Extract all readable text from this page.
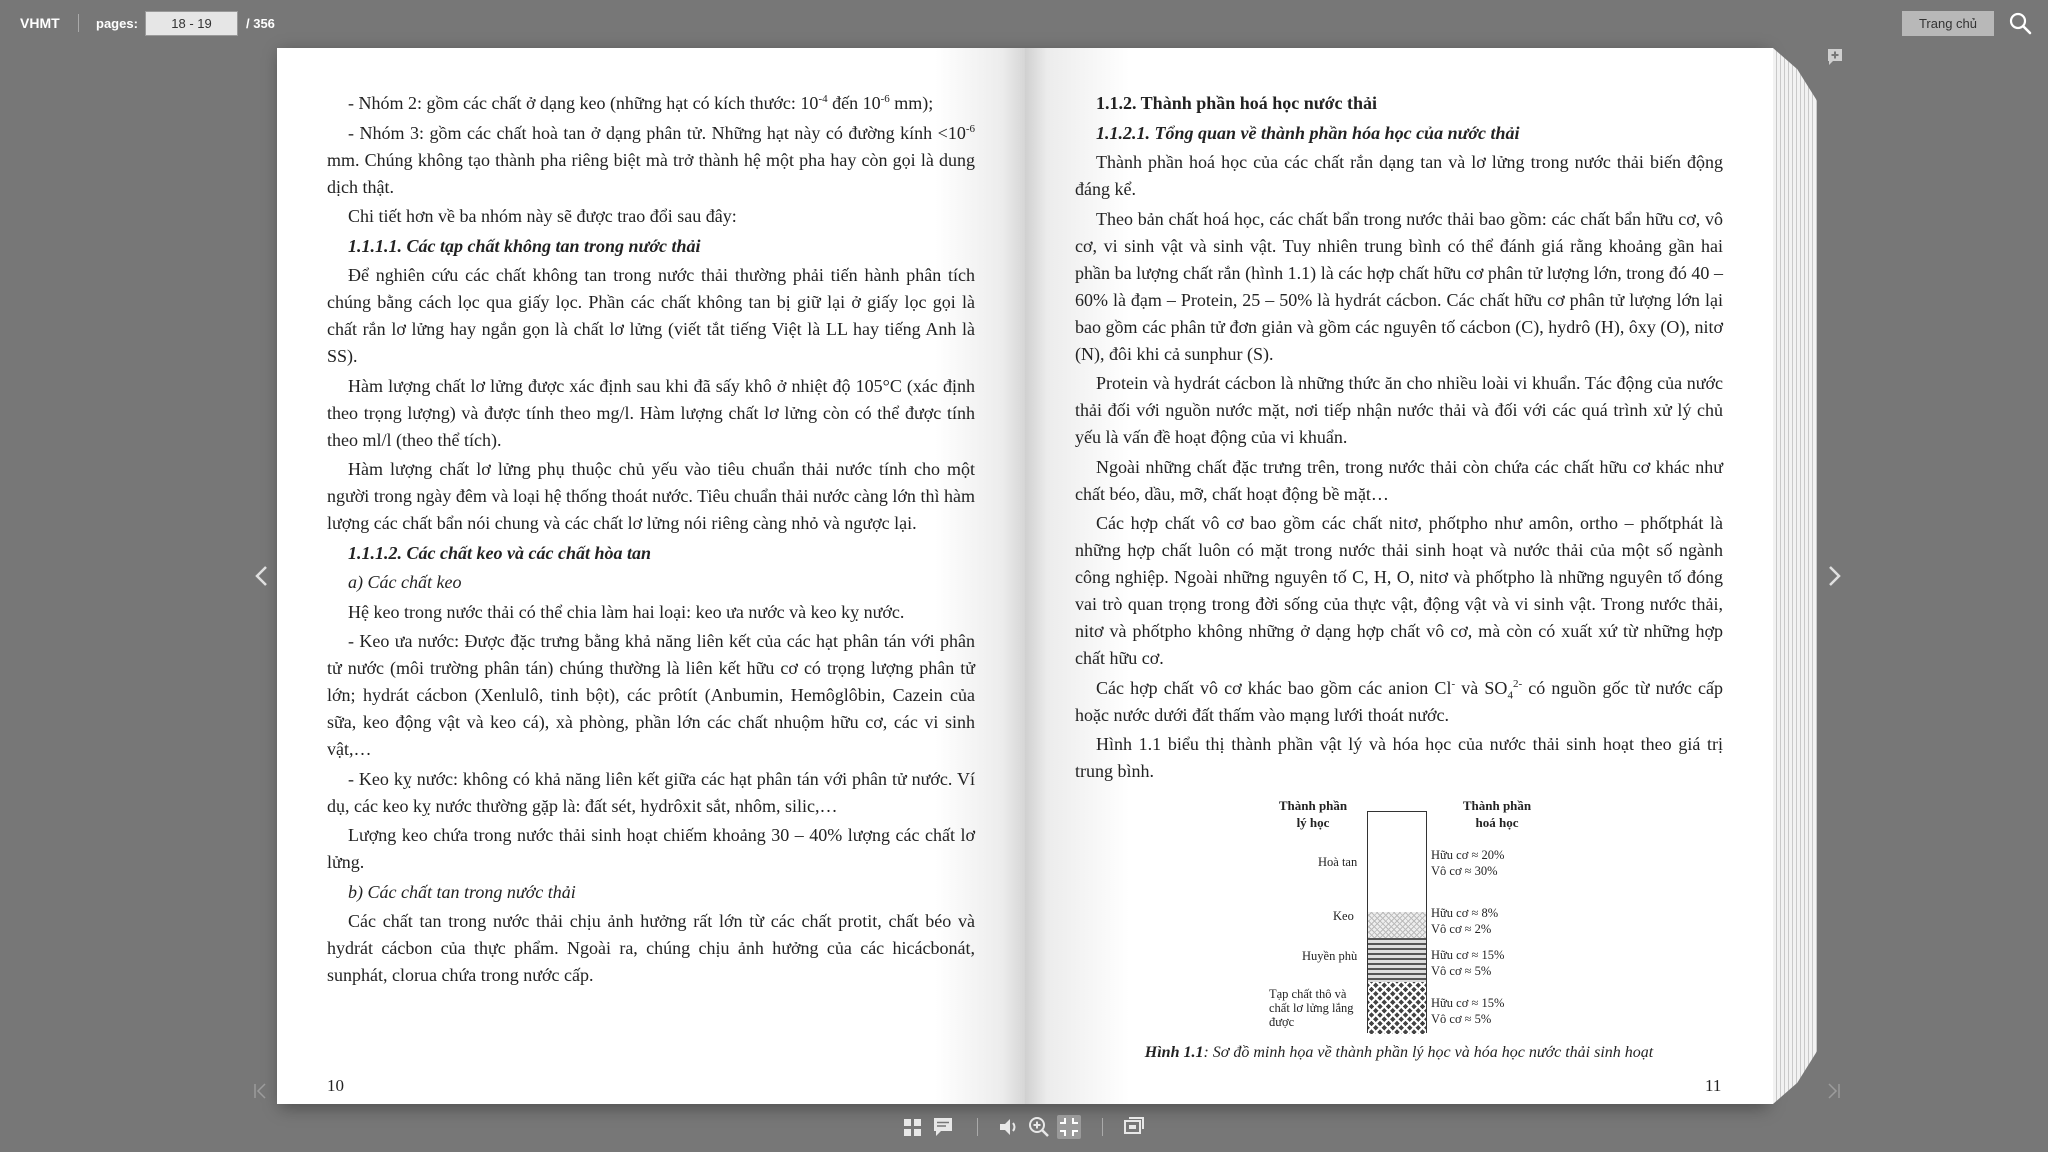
VHMT	pages:
18 - 19	/ 356	Trang chủ

- Nhóm 2: gồm các chất ở dạng keo (những hạt có kích thước: $10^{-4}$ đến $10^{-6}$ mm);

- Nhóm 3: gồm các chất hoà tan ở dạng phân tử. Những hạt này có đường kính $<10^{-6}$ mm. Chúng không tạo thành pha riêng biệt mà trở thành hệ một pha hay còn gọi là dung dịch thật.

Chi tiết hơn về ba nhóm này sẽ được trao đổi sau đây:

1.1.1.1. Các tạp chất không tan trong nước thải

Để nghiên cứu các chất không tan trong nước thải thường phải tiến hành phân tích chúng bằng cách lọc qua giấy lọc. Phần các chất không tan bị giữ lại ở giấy lọc gọi là chất rắn lơ lửng hay ngắn gọn là chất lơ lửng (viết tắt tiếng Việt là LL hay tiếng Anh là SS).

Hàm lượng chất lơ lửng được xác định sau khi đã sấy khô ở nhiệt độ 105°C (xác định theo trọng lượng) và được tính theo mg/l. Hàm lượng chất lơ lửng còn có thể được tính theo ml/l (theo thể tích).

Hàm lượng chất lơ lửng phụ thuộc chủ yếu vào tiêu chuẩn thải nước tính cho một người trong ngày đêm và loại hệ thống thoát nước. Tiêu chuẩn thải nước càng lớn thì hàm lượng các chất bẩn nói chung và các chất lơ lửng nói riêng càng nhỏ và ngược lại.

1.1.1.2. Các chất keo và các chất hòa tan

a) Các chất keo

Hệ keo trong nước thải có thể chia làm hai loại: keo ưa nước và keo kỵ nước.

- Keo ưa nước: Được đặc trưng bằng khả năng liên kết của các hạt phân tán với phân tử nước (môi trường phân tán) chúng thường là liên kết hữu cơ có trọng lượng phân tử lớn; hydrát cácbon (Xenlulô, tinh bột), các prôtít (Anbumin, Hemôglôbin, Cazein của sữa, keo động vật và keo cá), xà phòng, phần lớn các chất nhuộm hữu cơ, các vi sinh vật,…

- Keo kỵ nước: không có khả năng liên kết giữa các hạt phân tán với phân tử nước. Ví dụ, các keo kỵ nước thường gặp là: đất sét, hydrôxit sắt, nhôm, silic,…

Lượng keo chứa trong nước thải sinh hoạt chiếm khoảng 30 – 40% lượng các chất lơ lửng.

b) Các chất tan trong nước thải

Các chất tan trong nước thải chịu ảnh hưởng rất lớn từ các chất protit, chất béo và hydrát cácbon của thực phẩm. Ngoài ra, chúng chịu ảnh hưởng của các hicácbonát, sunphát, clorua chứa trong nước cấp.

10

1.1.2. Thành phần hoá học nước thải

1.1.2.1. Tổng quan về thành phần hóa học của nước thải

Thành phần hoá học của các chất rắn dạng tan và lơ lửng trong nước thải biến động đáng kể.

Theo bản chất hoá học, các chất bẩn trong nước thải bao gồm: các chất bẩn hữu cơ, vô cơ, vi sinh vật và sinh vật. Tuy nhiên trung bình có thể đánh giá rằng khoảng gần hai phần ba lượng chất rắn (hình 1.1) là các hợp chất hữu cơ phân tử lượng lớn, trong đó 40 – 60% là đạm – Protein, 25 – 50% là hydrát cácbon. Các chất hữu cơ phân tử lượng lớn lại bao gồm các phân tử đơn giản và gồm các nguyên tố cácbon (C), hydrô (H), ôxy (O), nitơ (N), đôi khi cả sunphur (S).

Protein và hydrát cácbon là những thức ăn cho nhiều loài vi khuẩn. Tác động của nước thải đối với nguồn nước mặt, nơi tiếp nhận nước thải và đối với các quá trình xử lý chủ yếu là vấn đề hoạt động của vi khuẩn.

Ngoài những chất đặc trưng trên, trong nước thải còn chứa các chất hữu cơ khác như chất béo, dầu, mỡ, chất hoạt động bề mặt…

Các hợp chất vô cơ bao gồm các chất nitơ, phốtpho như amôn, ortho – phốtphát là những hợp chất luôn có mặt trong nước thải sinh hoạt và nước thải của một số ngành công nghiệp. Ngoài những nguyên tố C, H, O, nitơ và phốtpho là những nguyên tố đóng vai trò quan trọng trong đời sống của thực vật, động vật và vi sinh vật. Trong nước thải, nitơ và phốtpho không những ở dạng hợp chất vô cơ, mà còn có xuất xứ từ những hợp chất hữu cơ.

Các hợp chất vô cơ khác bao gồm các anion Cl- và $SO_4^{2-}$ có nguồn gốc từ nước cấp hoặc nước dưới đất thấm vào mạng lưới thoát nước.

Hình 1.1 biểu thị thành phần vật lý và hóa học của nước thải sinh hoạt theo giá trị trung bình.

Thành phần
lý học
Thành phần
hoá học
Hoà tan
Keo
Huyền phù
Tạp chất thô và chất lơ lửng lắng được
Hữu cơ ≈ 20%
Vô cơ ≈ 30%
Hữu cơ ≈ 8%
Vô cơ ≈ 2%
Hữu cơ ≈ 15%
Vô cơ ≈ 5%
Hữu cơ ≈ 15%
Vô cơ ≈ 5%
Hình 1.1: Sơ đồ minh họa về thành phần lý học và hóa học nước thải sinh hoạt
11
